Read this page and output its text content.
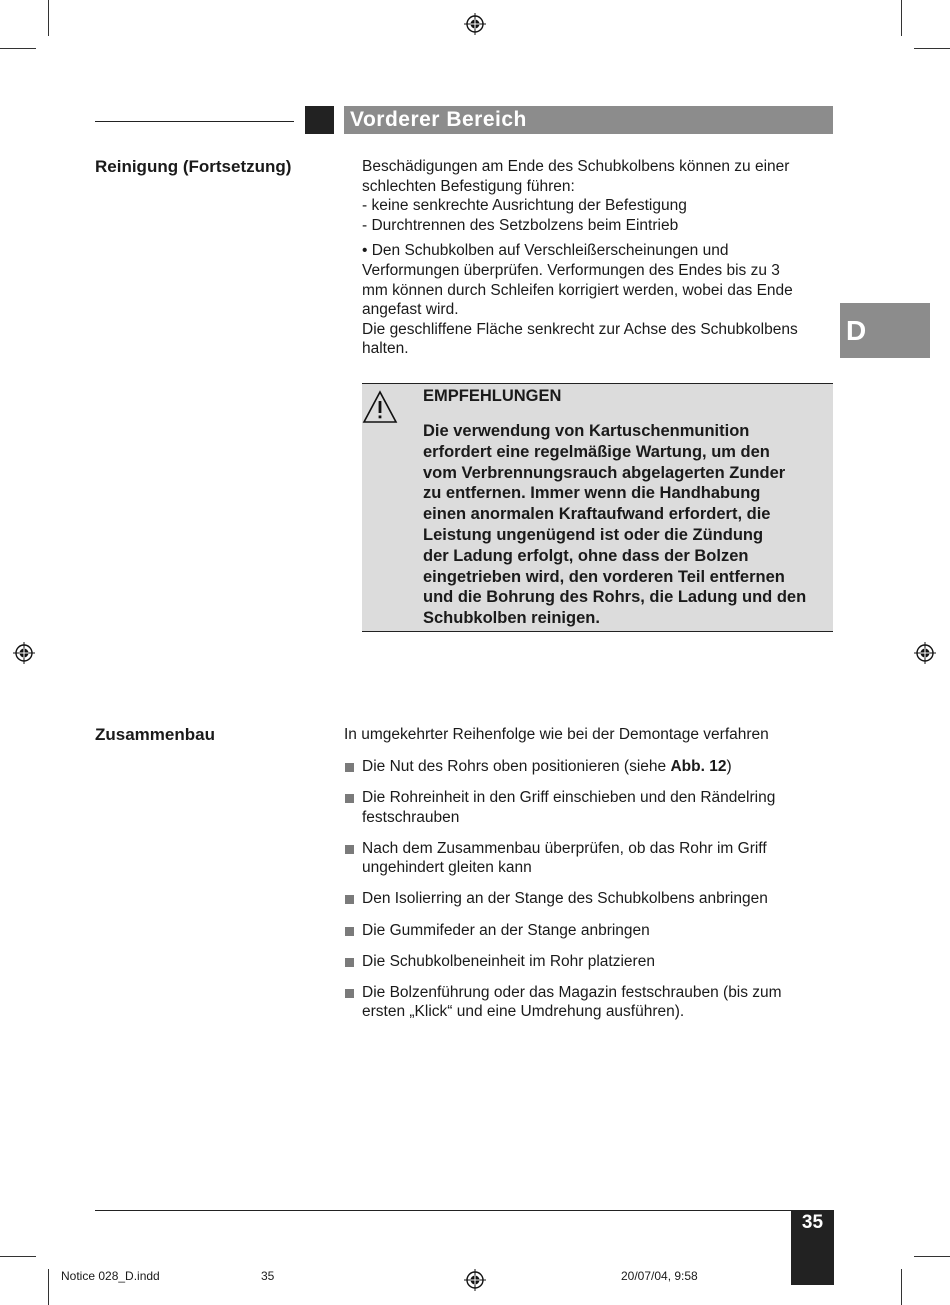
Vorderer Bereich
D
Reinigung (Fortsetzung)	Beschädigungen am Ende des Schubkolbens können zu einer
schlechten Befestigung führen:
- keine senkrechte Ausrichtung der Befestigung
- Durchtrennen des Setzbolzens beim Eintrieb
• Den Schubkolben auf Verschleißerscheinungen und
Verformungen überprüfen. Verformungen des Endes bis zu 3
mm können durch Schleifen korrigiert werden, wobei das Ende
angefast wird.
Die geschliffene Fläche senkrecht zur Achse des Schubkolbens
halten.
EMPFEHLUNGEN
Die verwendung von Kartuschenmunition
erfordert eine regelmäßige Wartung, um den
vom Verbrennungsrauch abgelagerten Zunder
zu entfernen. Immer wenn die Handhabung
einen anormalen Kraftaufwand erfordert, die
Leistung ungenügend ist oder die Zündung
der Ladung erfolgt, ohne dass der Bolzen
eingetrieben wird, den vorderen Teil entfernen
und die Bohrung des Rohrs, die Ladung und den
Schubkolben reinigen.
Zusammenbau	In umgekehrter Reihenfolge wie bei der Demontage verfahren
Die Nut des Rohrs oben positionieren (siehe Abb. 12)
Die Rohreinheit in den Griff einschieben und den Rändelring
festschrauben
Nach dem Zusammenbau überprüfen, ob das Rohr im Griff
ungehindert gleiten kann
Den Isolierring an der Stange des Schubkolbens anbringen
Die Gummifeder an der Stange anbringen
Die Schubkolbeneinheit im Rohr platzieren
Die Bolzenführung oder das Magazin festschrauben (bis zum
ersten „Klick“ und eine Umdrehung ausführen).
35
Notice 028_D.indd	35	20/07/04, 9:58
